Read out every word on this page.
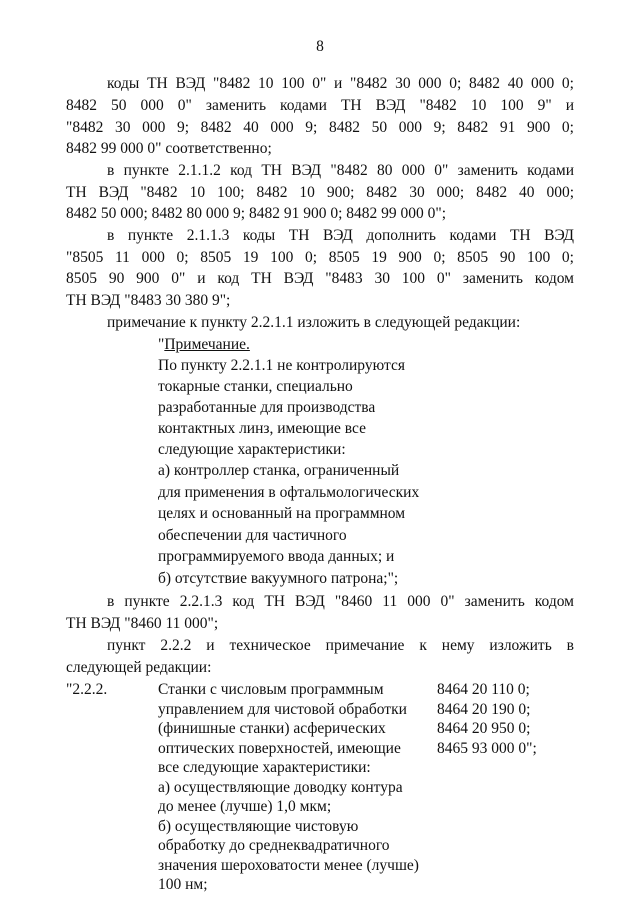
8
коды ТН ВЭД "8482 10 100 0" и "8482 30 000 0; 8482 40 000 0;
8482 50 000 0" заменить кодами ТН ВЭД "8482 10 100 9" и
"8482 30 000 9; 8482 40 000 9; 8482 50 000 9; 8482 91 900 0;
8482 99 000 0" соответственно;
в пункте 2.1.1.2 код ТН ВЭД "8482 80 000 0" заменить кодами
ТН ВЭД "8482 10 100; 8482 10 900; 8482 30 000; 8482 40 000;
8482 50 000; 8482 80 000 9; 8482 91 900 0; 8482 99 000 0";
в пункте 2.1.1.3 коды ТН ВЭД дополнить кодами ТН ВЭД
"8505 11 000 0; 8505 19 100 0; 8505 19 900 0; 8505 90 100 0;
8505 90 900 0" и код ТН ВЭД "8483 30 100 0" заменить кодом
ТН ВЭД "8483 30 380 9";
примечание к пункту 2.2.1.1 изложить в следующей редакции:
"Примечание.
По пункту 2.2.1.1 не контролируются
токарные станки, специально
разработанные для производства
контактных линз, имеющие все
следующие характеристики:
а) контроллер станка, ограниченный
для применения в офтальмологических
целях и основанный на программном
обеспечении для частичного
программируемого ввода данных; и
б) отсутствие вакуумного патрона;";
в пункте 2.2.1.3 код ТН ВЭД "8460 11 000 0" заменить кодом
ТН ВЭД "8460 11 000";
пункт 2.2.2 и техническое примечание к нему изложить в
следующей редакции:
"2.2.2.	Станки с числовым программным
управлением для чистовой обработки
(финишные станки) асферических
оптических поверхностей, имеющие
все следующие характеристики:
а) осуществляющие доводку контура
до менее (лучше) 1,0 мкм;
б) осуществляющие чистовую
обработку до среднеквадратичного
значения шероховатости менее (лучше)
100 нм;
8464 20 110 0;
8464 20 190 0;
8464 20 950 0;
8465 93 000 0";
